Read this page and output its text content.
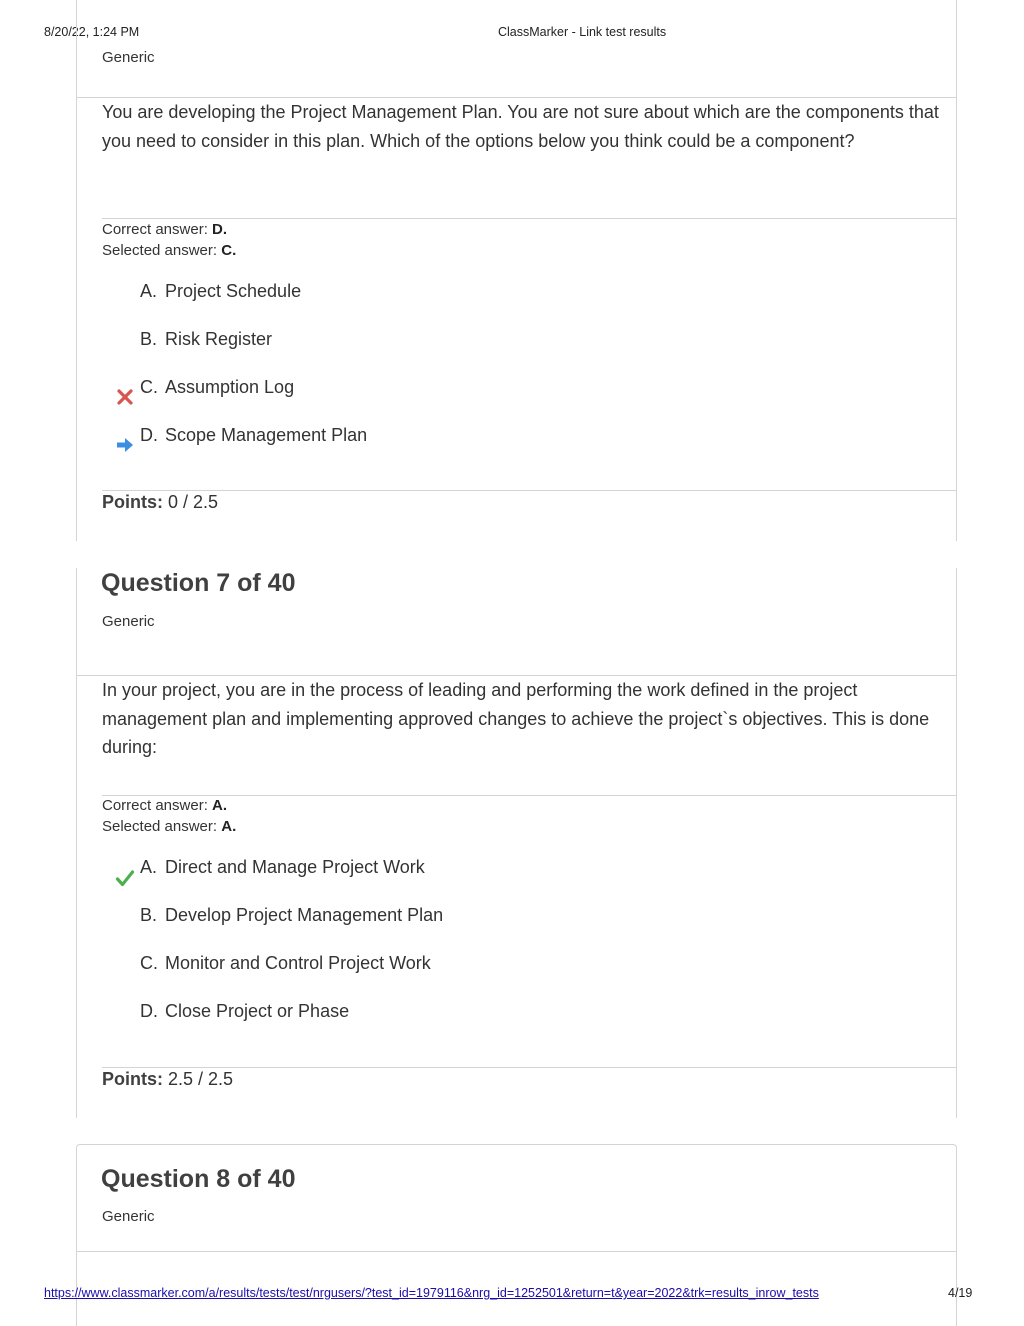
8/20/22, 1:24 PM	ClassMarker - Link test results
Generic
You are developing the Project Management Plan. You are not sure about which are the components that you need to consider in this plan. Which of the options below you think could be a component?
Correct answer: D.
Selected answer: C.
A. Project Schedule
B. Risk Register
C. Assumption Log
D. Scope Management Plan
Points: 0 / 2.5
Question 7 of 40
Generic
In your project, you are in the process of leading and performing the work defined in the project management plan and implementing approved changes to achieve the project`s objectives. This is done during:
Correct answer: A.
Selected answer: A.
A. Direct and Manage Project Work
B. Develop Project Management Plan
C. Monitor and Control Project Work
D. Close Project or Phase
Points: 2.5 / 2.5
Question 8 of 40
Generic
https://www.classmarker.com/a/results/tests/test/nrgusers/?test_id=1979116&nrg_id=1252501&return=t&year=2022&trk=results_inrow_tests	4/19
